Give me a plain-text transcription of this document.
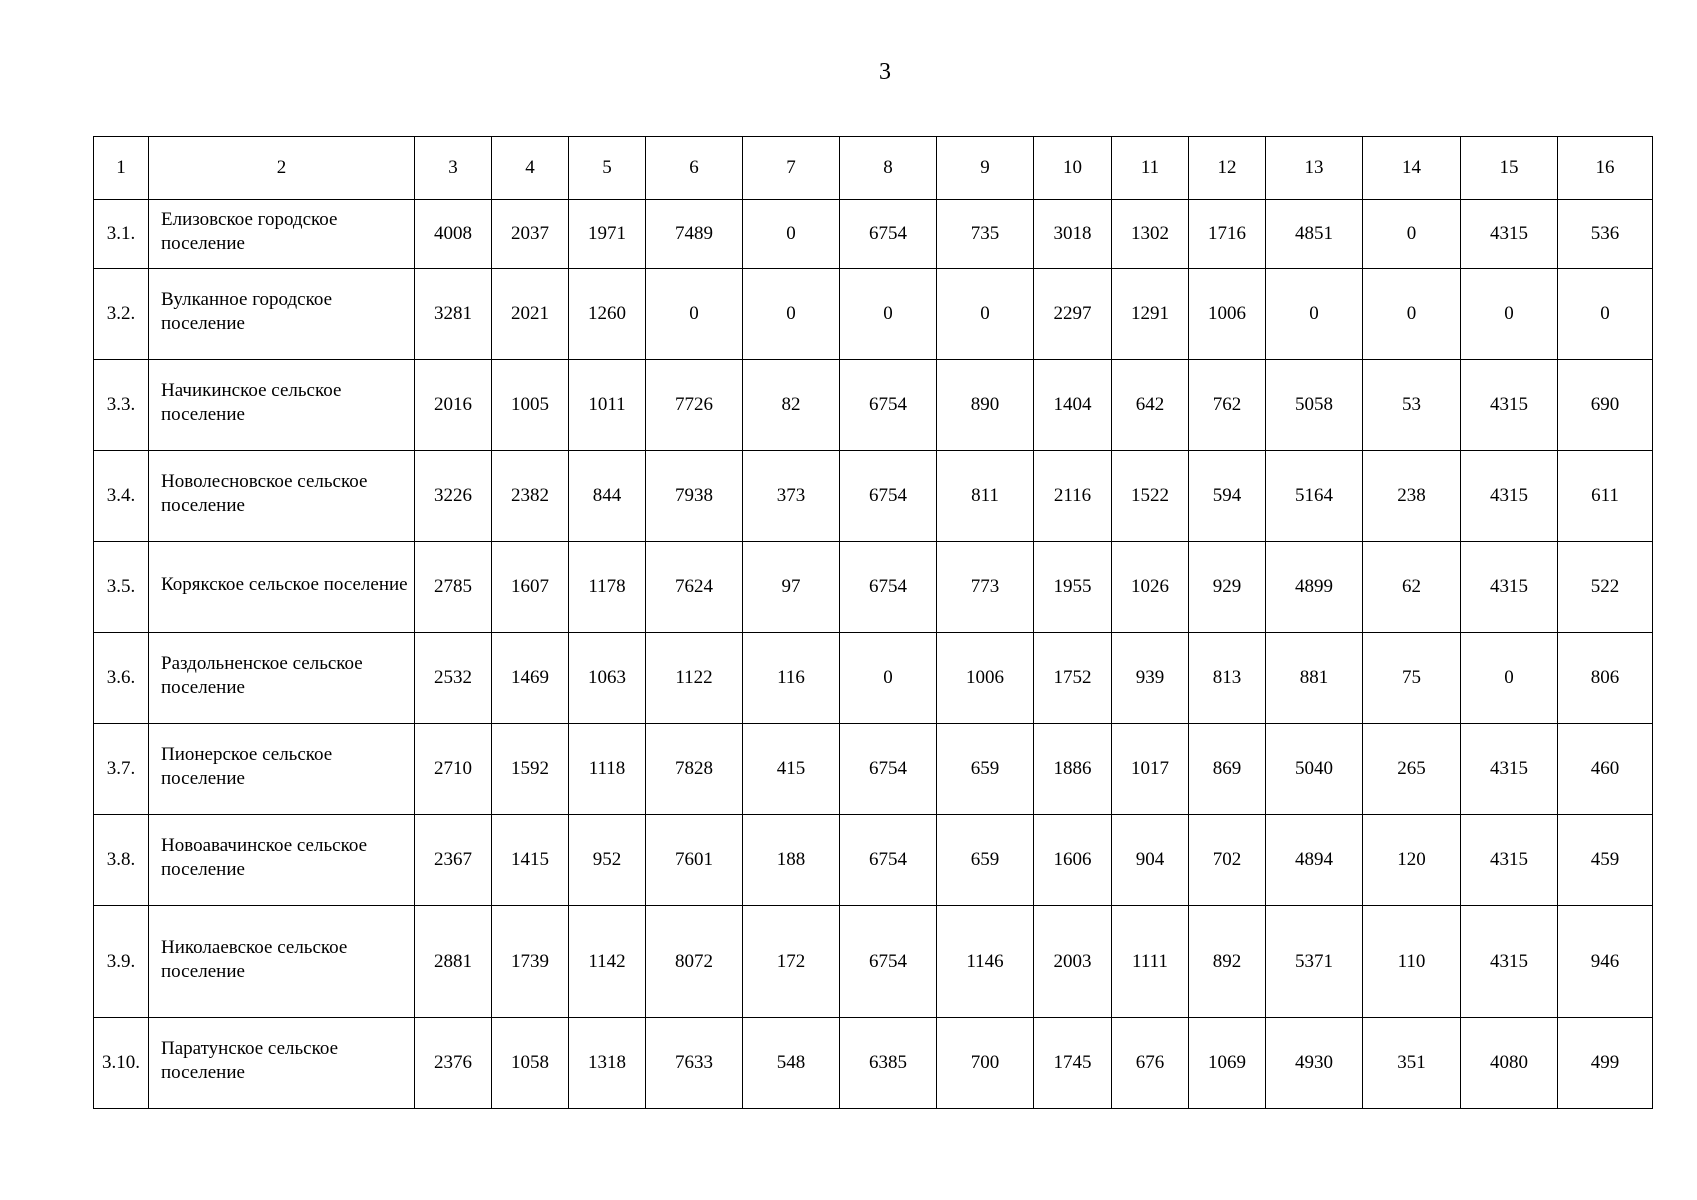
3
1	2	3	4	5	6	7	8	9	10	11	12	13	14	15	16
3.1.	Елизовское городское поселение	4008	2037	1971	7489	0	6754	735	3018	1302	1716	4851	0	4315	536
3.2.	Вулканное городское поселение	3281	2021	1260	0	0	0	0	2297	1291	1006	0	0	0	0
3.3.	Начикинское сельское поселение	2016	1005	1011	7726	82	6754	890	1404	642	762	5058	53	4315	690
3.4.	Новолесновское сельское поселение	3226	2382	844	7938	373	6754	811	2116	1522	594	5164	238	4315	611
3.5.	Корякское сельское поселение	2785	1607	1178	7624	97	6754	773	1955	1026	929	4899	62	4315	522
3.6.	Раздольненское сельское поселение	2532	1469	1063	1122	116	0	1006	1752	939	813	881	75	0	806
3.7.	Пионерское сельское поселение	2710	1592	1118	7828	415	6754	659	1886	1017	869	5040	265	4315	460
3.8.	Новоавачинское сельское поселение	2367	1415	952	7601	188	6754	659	1606	904	702	4894	120	4315	459
3.9.	Николаевское сельское поселение	2881	1739	1142	8072	172	6754	1146	2003	1111	892	5371	110	4315	946
3.10.	Паратунское сельское поселение	2376	1058	1318	7633	548	6385	700	1745	676	1069	4930	351	4080	499
